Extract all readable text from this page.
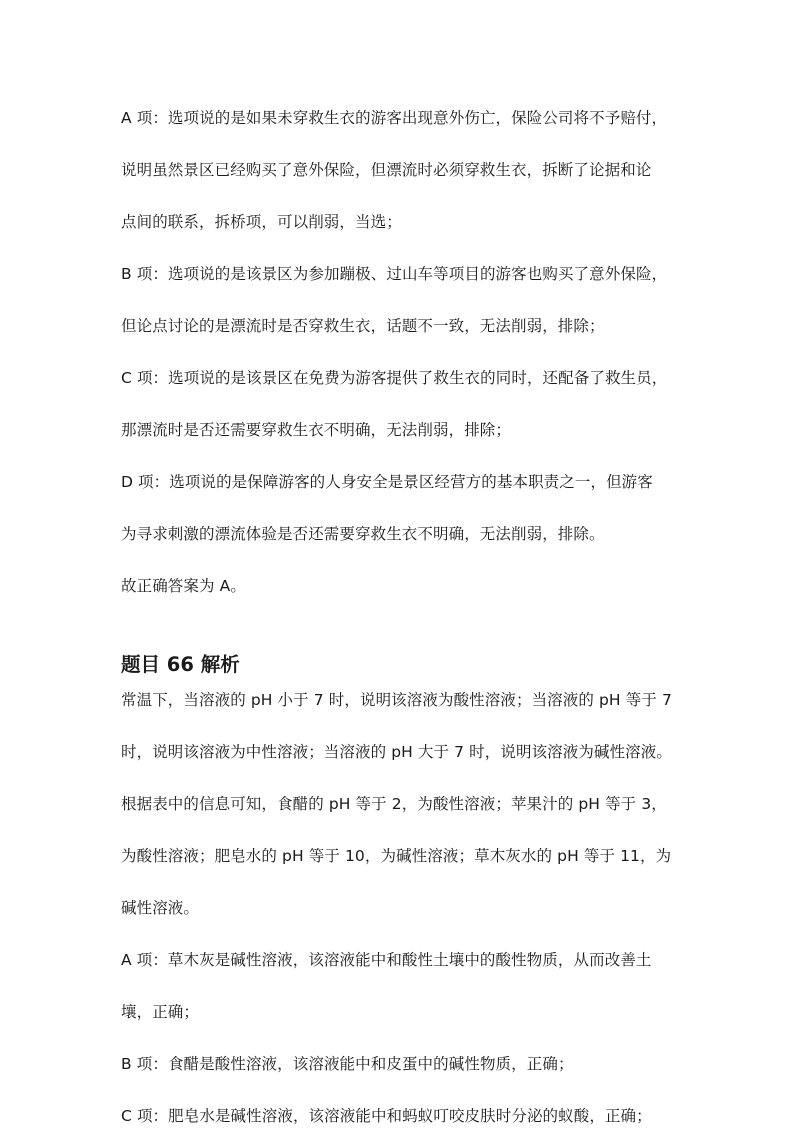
A 项：选项说的是如果未穿救生衣的游客出现意外伤亡，保险公司将不予赔付，
说明虽然景区已经购买了意外保险，但漂流时必须穿救生衣，拆断了论据和论
点间的联系，拆桥项，可以削弱，当选；
B 项：选项说的是该景区为参加蹦极、过山车等项目的游客也购买了意外保险，
但论点讨论的是漂流时是否穿救生衣，话题不一致，无法削弱，排除；
C 项：选项说的是该景区在免费为游客提供了救生衣的同时，还配备了救生员，
那漂流时是否还需要穿救生衣不明确，无法削弱，排除；
D 项：选项说的是保障游客的人身安全是景区经营方的基本职责之一，但游客
为寻求刺激的漂流体验是否还需要穿救生衣不明确，无法削弱，排除。
故正确答案为 A。
题目 66 解析
常温下，当溶液的 pH 小于 7 时，说明该溶液为酸性溶液；当溶液的 pH 等于 7
时，说明该溶液为中性溶液；当溶液的 pH 大于 7 时，说明该溶液为碱性溶液。
根据表中的信息可知，食醋的 pH 等于 2，为酸性溶液；苹果汁的 pH 等于 3，
为酸性溶液；肥皂水的 pH 等于 10，为碱性溶液；草木灰水的 pH 等于 11，为
碱性溶液。
A 项：草木灰是碱性溶液，该溶液能中和酸性土壤中的酸性物质，从而改善土
壤，正确；
B 项：食醋是酸性溶液，该溶液能中和皮蛋中的碱性物质，正确；
C 项：肥皂水是碱性溶液，该溶液能中和蚂蚁叮咬皮肤时分泌的蚁酸，正确；
